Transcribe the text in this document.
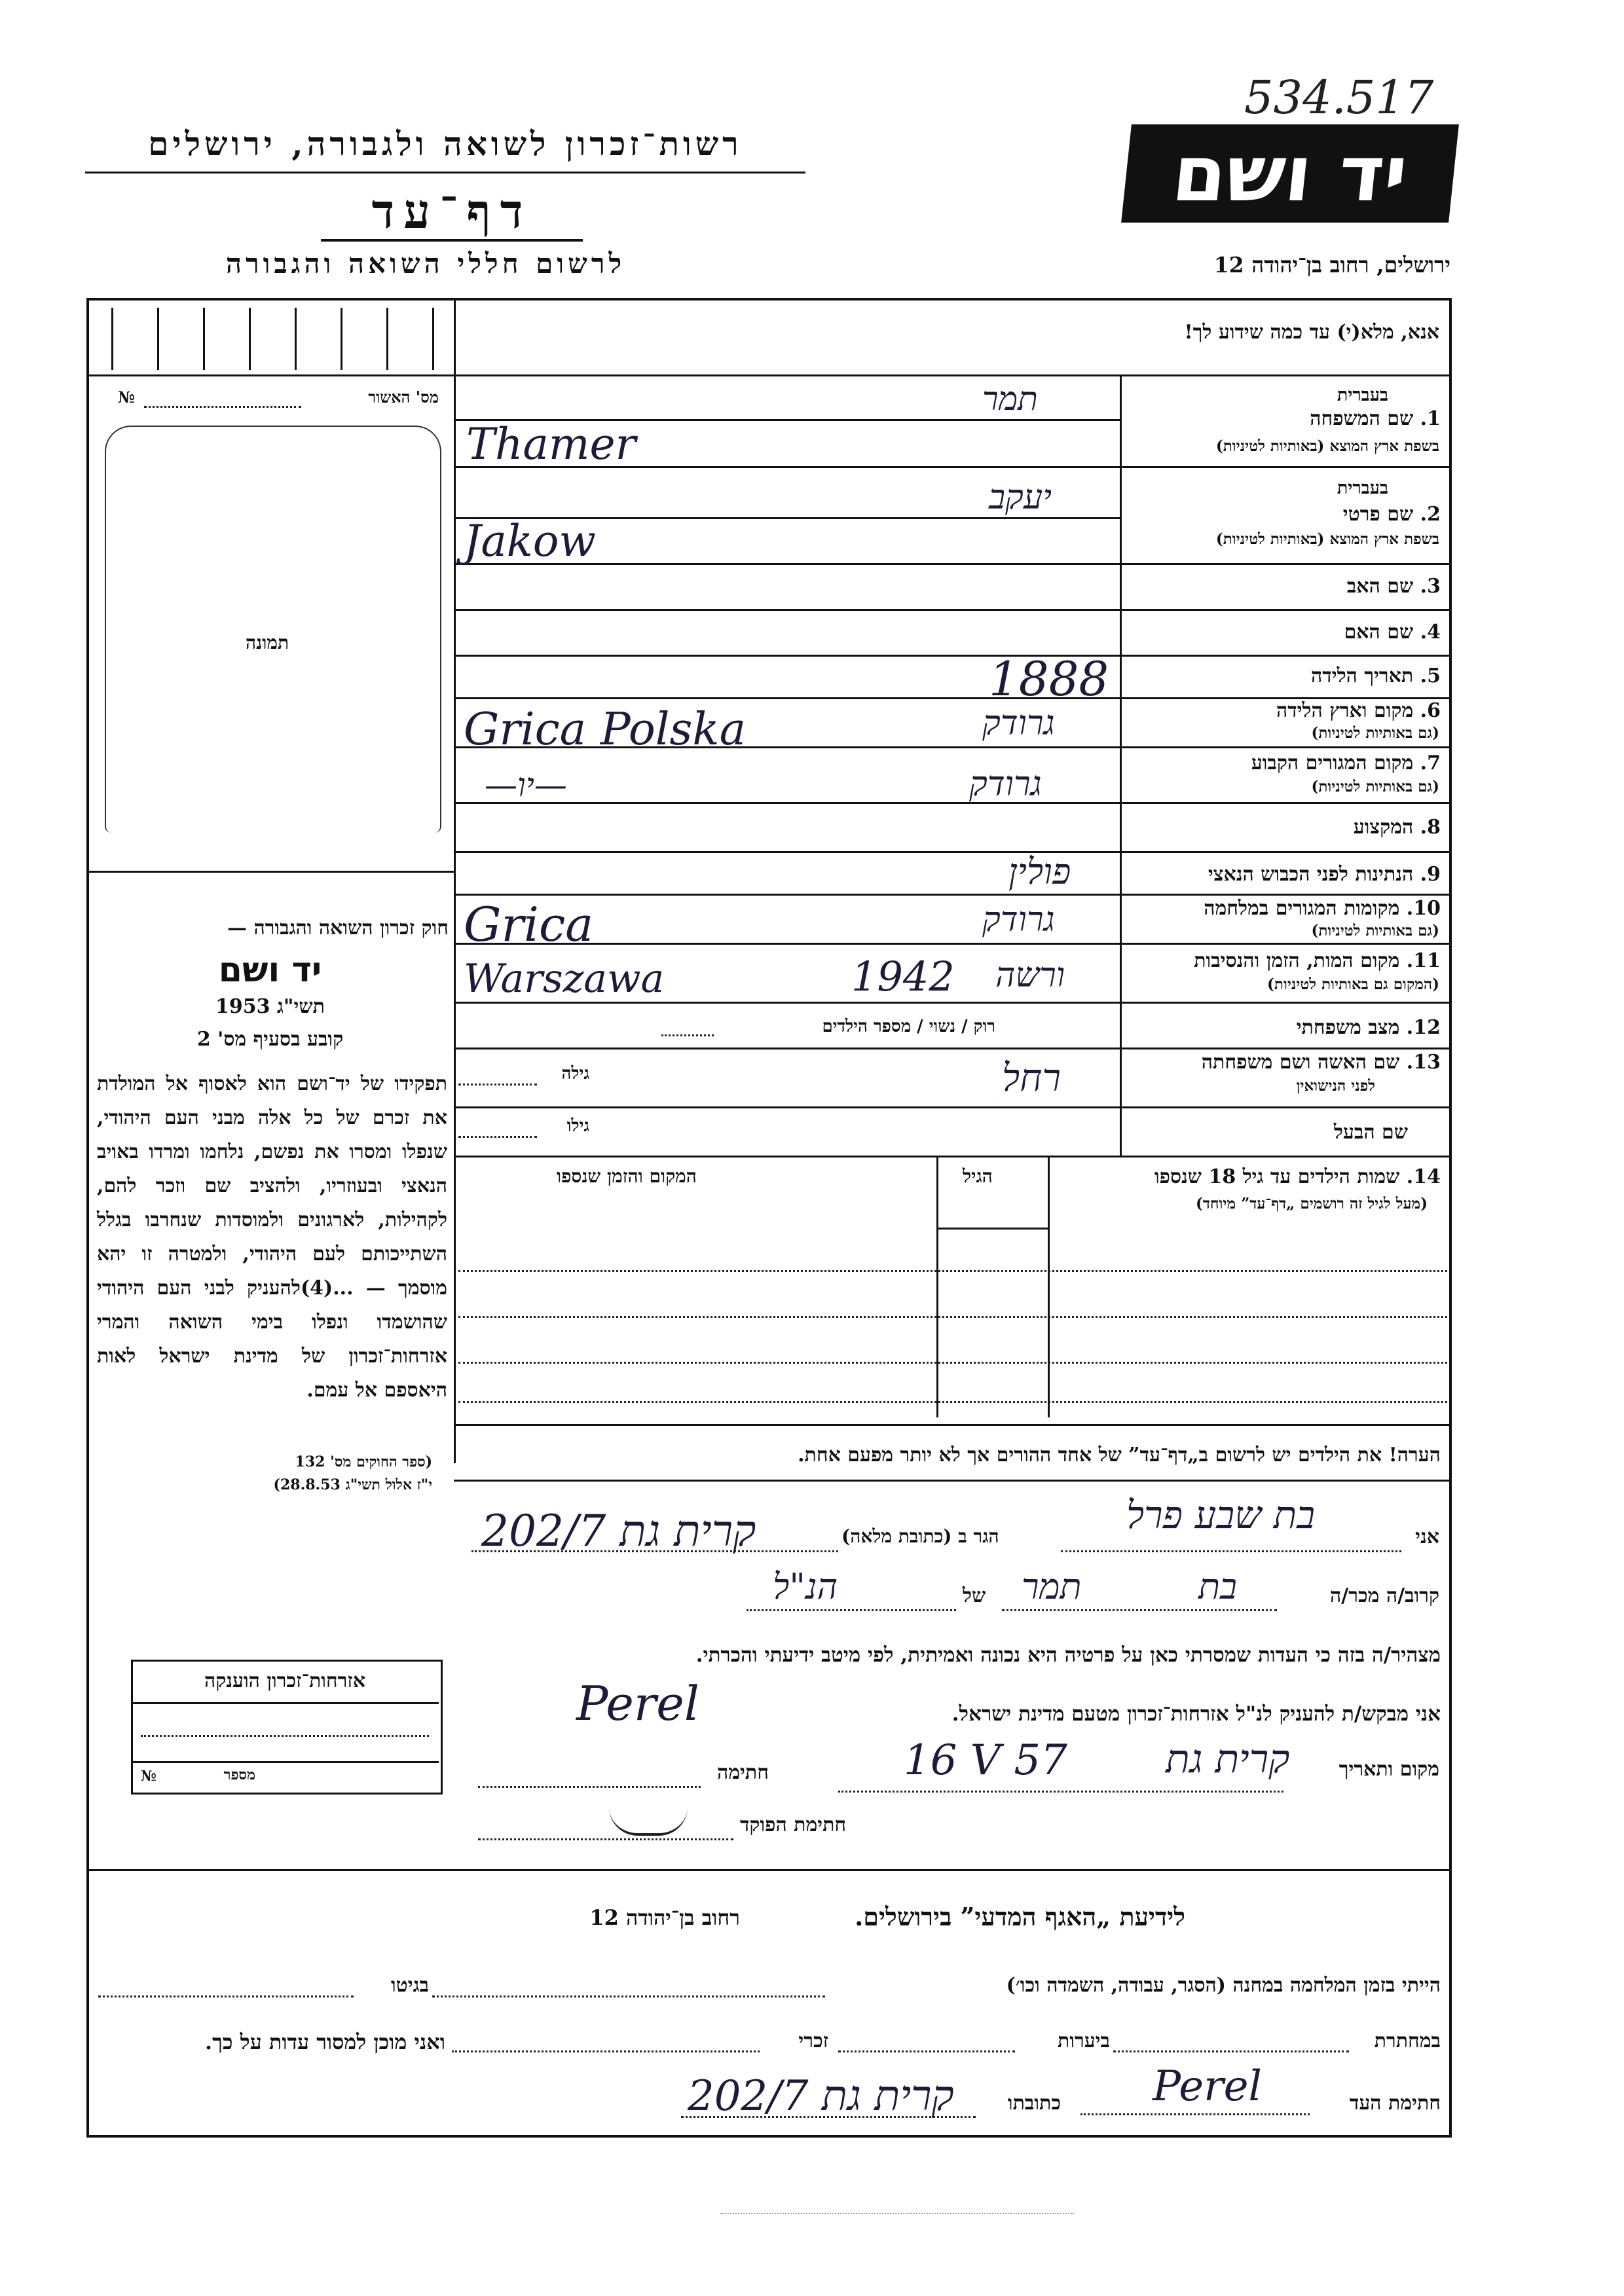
534.517
יד ושם
רשות־זכרון לשואה ולגבורה, ירושלים
דף־עד
לרשום חללי השואה והגבורה	ירושלים, רחוב בן־יהודה 12
אנא, מלא(י) עד כמה שידוע לך!
מס' האשור
№
תמונה
חוק זכרון השואה והגבורה —
יד ושם
1953 תשי"ג
קובע בסעיף מס' 2
תפקידו של יד־ושם הוא לאסוף אל המולדת את זכרם של כל אלה מבני העם היהודי, שנפלו ומסרו את נפשם, נלחמו ומרדו באויב הנאצי ובעוזריו, ולהציב שם וזכר להם, לקהילות, לארגונים ולמוסדות שנחרבו בגלל השתייכותם לעם היהודי, ולמטרה זו יהא מוסמך — ...(4)להעניק לבני העם היהודי שהושמדו ונפלו בימי השואה והמרי אזרחות־זכרון של מדינת ישראל לאות היאספם אל עמם.
(ספר החוקים מס' 132
י"ז אלול תשי"ג 28.8.53)
אזרחות־זכרון הוענקה
№	מספר
בעברית
1. שם המשפחה
בשפת ארץ המוצא (באותיות לטיניות)
בעברית
2. שם פרטי
בשפת ארץ המוצא (באותיות לטיניות)
3. שם האב
4. שם האם
5. תאריך הלידה
6. מקום וארץ הלידה
(גם באותיות לטיניות)
7. מקום המגורים הקבוע
(גם באותיות לטיניות)
8. המקצוע
9. הנתינות לפני הכבוש הנאצי
10. מקומות המגורים במלחמה
(גם באותיות לטיניות)
11. מקום המות, הזמן והנסיבות
(המקום גם באותיות לטיניות)
12. מצב משפחתי
13. שם האשה ושם משפחתה
לפני הנישואין
שם הבעל
רוק / נשוי / מספר הילדים
גילה
גילו
תמר
Thamer
יעקב
Jakow
1888
גרודק
Grica Polska
גרודק
—יו—
פולין
גרודק
Grica
ורשה
1942
Warszawa
רחל
14. שמות הילדים עד גיל 18 שנספו
(מעל לגיל זה רושמים „דף־עד” מיוחד)
הגיל
המקום והזמן שנספו
הערה! את הילדים יש לרשום ב„דף־עד” של אחד ההורים אך לא יותר מפעם אחת.
אני
בת שבע פרל
הגר ב (כתובת מלאה)
202/7 קרית גת
קרוב/ה מכר/ה
בת
תמר
של
הנ"ל
מצהיר/ה בזה כי העדות שמסרתי כאן על פרטיה היא נכונה ואמיתית, לפי מיטב ידיעתי והכרתי.
אני מבקש/ת להעניק לנ"ל אזרחות־זכרון מטעם מדינת ישראל.
Perel
מקום ותאריך
קרית גת
16 V 57
חתימה
חתימת הפוקד
לידיעת „האגף המדעי” בירושלים.
רחוב בן־יהודה 12
הייתי בזמן המלחמה במחנה (הסגר, עבודה, השמדה וכו׳)
בגיטו
במחתרת
ביערות
זכרי
ואני מוכן למסור עדות על כך.
חתימת העד
Perel
כתובתו
202/7 קרית גת
